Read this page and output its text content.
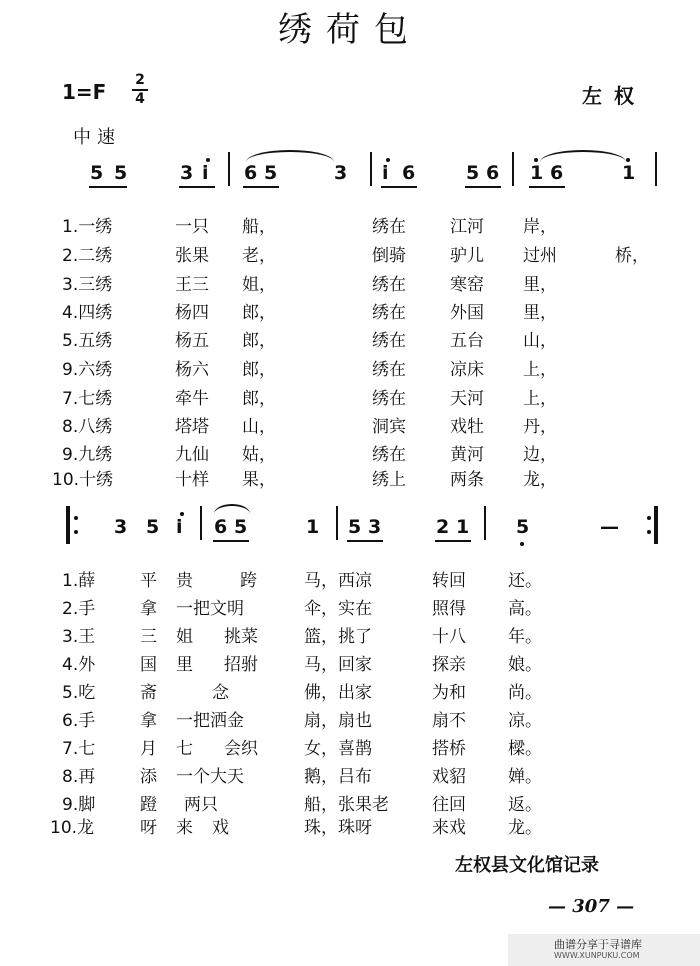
绣荷包
1=F	2
4	左权
中速
5 5	3 i 6 5	3 i 6	5 6 1 6	1
1.一绣	一只 船，	绣在	江河 岸，
2.二绣	张果 老，	倒骑	驴儿 过州	桥，
3.三绣	王三 姐，	绣在	寒窑 里，
4.四绣	杨四 郎，	绣在	外国 里，
5.五绣	杨五 郎，	绣在	五台 山，
9.六绣	杨六 郎，	绣在	凉床 上，
7.七绣	牵牛 郎，	绣在	天河 上，
8.八绣	塔塔 山，	洞宾	戏牡 丹，
9.九绣	九仙 姑，	绣在	黄河 边，
10.十绣	十样 果，	绣上	两条 龙，
3 5 i 6 5	1 5 3	2 1 5	—
1.薛	平 贵	跨	马，西凉	转回 还。
2.手	拿 一把文明	伞，实在	照得 高。
3.王	三 姐 挑菜	篮，挑了	十八 年。
4.外	国 里 招驸	马，回家	探亲 娘。
5.吃	斋	念	佛，出家	为和 尚。
6.手	拿 一把洒金	扇，扇也	扇不 凉。
7.七	月 七 会织	女，喜鹊	搭桥 樑。
8.再	添 一个大天	鹅，吕布	戏貂 婵。
9.脚	蹬 两只	船，张果老	往回 返。
10.龙	呀 来 戏	珠，珠呀	来戏 龙。
左权县文化馆记录
— 307 —
曲谱分享于寻谱库
WWW.XUNPUKU.COM
